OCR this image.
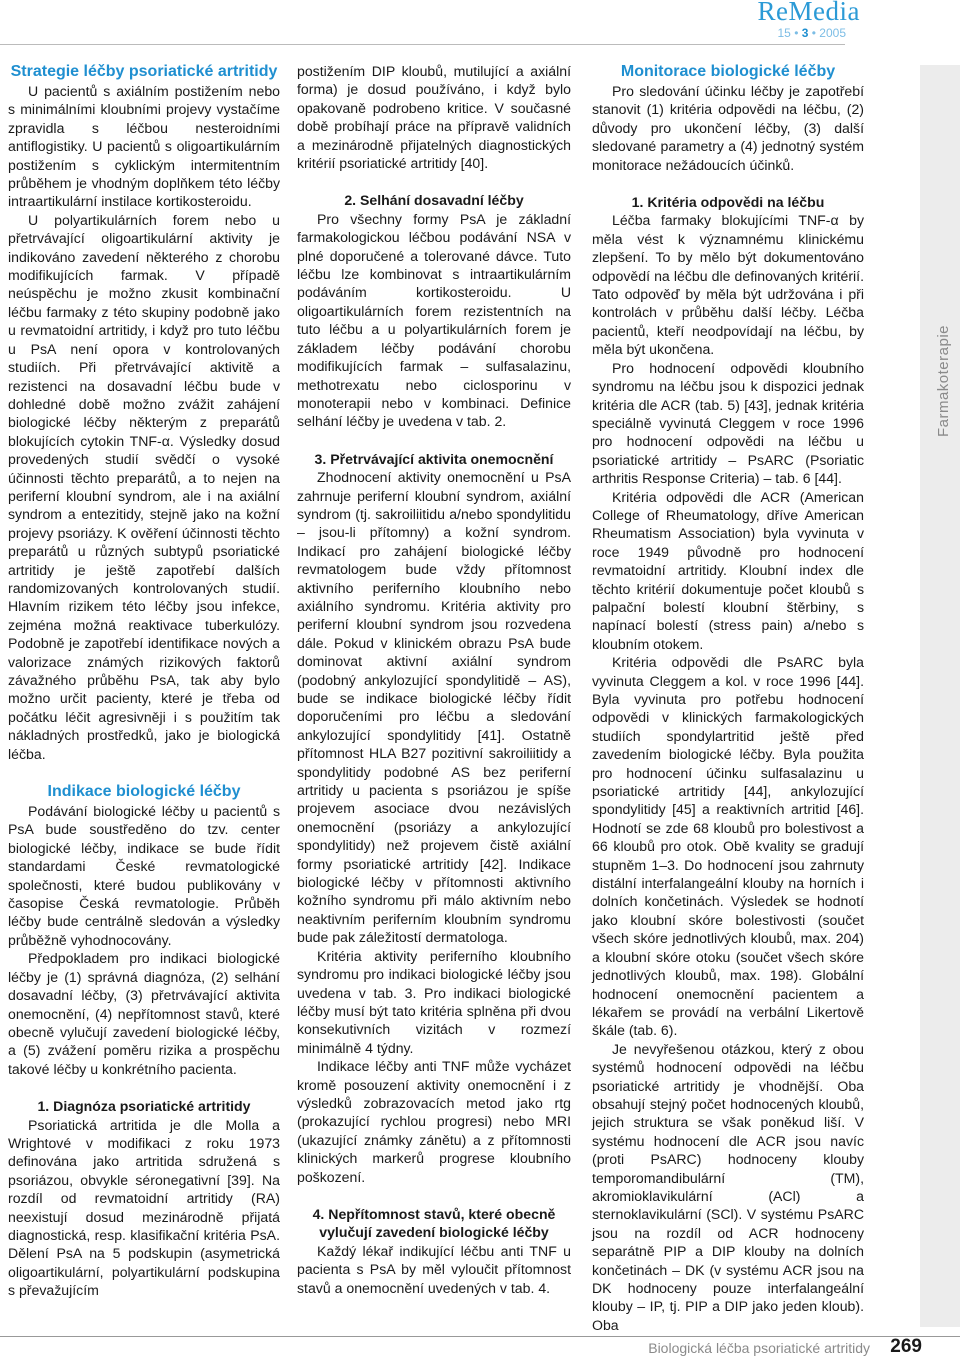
ReMedia
15 • 3 • 2005
Farmakoterapie
Strategie léčby psoriatické artritidy

U pacientů s axiálním postižením nebo s minimálními kloubními projevy vystačíme zpravidla s léčbou nesteroidními antiflogistiky. U pacientů s oligoartikulárním postižením s cyklickým intermitentním průběhem je vhodným doplňkem této léčby intraartikulární instilace kortikosteroidu.

U polyartikulárních forem nebo u přetrvávající oligoartikulární aktivity je indikováno zavedení některého z chorobu modifikujících farmak. V případě neúspěchu je možno zkusit kombinační léčbu farmaky z této skupiny podobně jako u revmatoidní artritidy, i když pro tuto léčbu u PsA není opora v kontrolovaných studiích. Při přetrvávající aktivitě a rezistenci na dosavadní léčbu bude v dohledné době možno zvážit zahájení biologické léčby některým z preparátů blokujících cytokin TNF-α. Výsledky dosud provedených studií svědčí o vysoké účinnosti těchto preparátů, a to nejen na periferní kloubní syndrom, ale i na axiální syndrom a entezitidy, stejně jako na kožní projevy psoriázy. K ověření účinnosti těchto preparátů u různých subtypů psoriatické artritidy je ještě zapotřebí dalších randomizovaných kontrolovaných studií. Hlavním rizikem této léčby jsou infekce, zejména možná reaktivace tuberkulózy. Podobně je zapotřebí identifikace nových a valorizace známých rizikových faktorů závažného průběhu PsA, tak aby bylo možno určit pacienty, které je třeba od počátku léčit agresivněji i s použitím tak nákladných prostředků, jako je biologická léčba.

Indikace biologické léčby

Podávání biologické léčby u pacientů s PsA bude soustředěno do tzv. center biologické léčby, indikace se bude řídit standardami České revmatologické společnosti, které budou publikovány v časopise Česká revmatologie. Průběh léčby bude centrálně sledován a výsledky průběžně vyhodnocovány.

Předpokladem pro indikaci biologické léčby je (1) správná diagnóza, (2) selhání dosavadní léčby, (3) přetrvávající aktivita onemocnění, (4) nepřítomnost stavů, které obecně vylučují zavedení biologické léčby, a (5) zvážení poměru rizika a prospěchu takové léčby u konkrétního pacienta.

1. Diagnóza psoriatické artritidy

Psoriatická artritida je dle Molla a Wrightové v modifikaci z roku 1973 definována jako artritida sdružená s psoriázou, obvykle séronegativní [39]. Na rozdíl od revmatoidní artritidy (RA) neexistují dosud mezinárodně přijatá diagnostická, resp. klasifikační kritéria PsA. Dělení PsA na 5 podskupin (asymetrická oligoartikulární, polyartikulární podskupina s převažujícím

postižením DIP kloubů, mutilující a axiální forma) je dosud používáno, i když bylo opakovaně podrobeno kritice. V současné době probíhají práce na přípravě validních a mezinárodně přijatelných diagnostických kritérií psoriatické artritidy [40].

2. Selhání dosavadní léčby

Pro všechny formy PsA je základní farmakologickou léčbou podávání NSA v plné doporučené a tolerované dávce. Tuto léčbu lze kombinovat s intraartikulárním podáváním kortikosteroidu. U oligoartikulárních forem rezistentních na tuto léčbu a u polyartikulárních forem je základem léčby podávání chorobu modifikujících farmak – sulfasalazinu, methotrexatu nebo ciclosporinu v monoterapii nebo v kombinaci. Definice selhání léčby je uvedena v tab. 2.

3. Přetrvávající aktivita onemocnění

Zhodnocení aktivity onemocnění u PsA zahrnuje periferní kloubní syndrom, axiální syndrom (tj. sakroiliitidu a/nebo spondylitidu – jsou-li přítomny) a kožní syndrom. Indikací pro zahájení biologické léčby revmatologem bude vždy přítomnost aktivního periferního kloubního nebo axiálního syndromu. Kritéria aktivity pro periferní kloubní syndrom jsou rozvedena dále. Pokud v klinickém obrazu PsA bude dominovat aktivní axiální syndrom (podobný ankylozující spondylitidě – AS), bude se indikace biologické léčby řídit doporučeními pro léčbu a sledování ankylozující spondylitidy [41]. Ostatně přítomnost HLA B27 pozitivní sakroiliitidy a spondylitidy podobné AS bez periferní artritidy u pacienta s psoriázou je spíše projevem asociace dvou nezávislých onemocnění (psoriázy a ankylozující spondylitidy) než projevem čistě axiální formy psoriatické artritidy [42]. Indikace biologické léčby v přítomnosti aktivního kožního syndromu při málo aktivním nebo neaktivním periferním kloubním syndromu bude pak záležitostí dermatologa.

Kritéria aktivity periferního kloubního syndromu pro indikaci biologické léčby jsou uvedena v tab. 3. Pro indikaci biologické léčby musí být tato kritéria splněna při dvou konsekutivních vizitách v rozmezí minimálně 4 týdny.

Indikace léčby anti TNF může vycházet kromě posouzení aktivity onemocnění i z výsledků zobrazovacích metod jako rtg (prokazující rychlou progresi) nebo MRI (ukazující známky zánětu) a z přítomnosti klinických markerů progrese kloubního poškození.

4. Nepřítomnost stavů, které obecně vylučují zavedení biologické léčby

Každý lékař indikující léčbu anti TNF u pacienta s PsA by měl vyloučit přítomnost stavů a onemocnění uvedených v tab. 4.

Monitorace biologické léčby

Pro sledování účinku léčby je zapotřebí stanovit (1) kritéria odpovědi na léčbu, (2) důvody pro ukončení léčby, (3) další sledované parametry a (4) jednotný systém monitorace nežádoucích účinků.

1. Kritéria odpovědi na léčbu

Léčba farmaky blokujícími TNF-α by měla vést k významnému klinickému zlepšení. To by mělo být dokumentováno odpovědí na léčbu dle definovaných kritérií. Tato odpověď by měla být udržována i při kontrolách v průběhu další léčby. Léčba pacientů, kteří neodpovídají na léčbu, by měla být ukončena.

Pro hodnocení odpovědi kloubního syndromu na léčbu jsou k dispozici jednak kritéria dle ACR (tab. 5) [43], jednak kritéria speciálně vyvinutá Cleggem v roce 1996 pro hodnocení odpovědi na léčbu u psoriatické artritidy – PsARC (Psoriatic arthritis Response Criteria) – tab. 6 [44].

Kritéria odpovědi dle ACR (American College of Rheumatology, dříve American Rheumatism Association) byla vyvinuta v roce 1949 původně pro hodnocení revmatoidní artritidy. Kloubní index dle těchto kritérií dokumentuje počet kloubů s palpační bolestí kloubní štěrbiny, s napínací bolestí (stress pain) a/nebo s kloubním otokem.

Kritéria odpovědi dle PsARC byla vyvinuta Cleggem a kol. v roce 1996 [44]. Byla vyvinuta pro potřebu hodnocení odpovědi v klinických farmakologických studiích spondylartritid ještě před zavedením biologické léčby. Byla použita pro hodnocení účinku sulfasalazinu u psoriatické artritidy [44], ankylozující spondylitidy [45] a reaktivních artritid [46]. Hodnotí se zde 68 kloubů pro bolestivost a 66 kloubů pro otok. Obě kvality se gradují stupněm 1–3. Do hodnocení jsou zahrnuty distální interfalangeální klouby na horních i dolních končetinách. Výsledek se hodnotí jako kloubní skóre bolestivosti (součet všech skóre jednotlivých kloubů, max. 204) a kloubní skóre otoku (součet všech skóre jednotlivých kloubů, max. 198). Globální hodnocení onemocnění pacientem a lékařem se provádí na verbální Likertově škále (tab. 6).

Je nevyřešenou otázkou, který z obou systémů hodnocení odpovědi na léčbu psoriatické artritidy je vhodnější. Oba obsahují stejný počet hodnocených kloubů, jejich struktura se však poněkud liší. V systému hodnocení dle ACR jsou navíc (proti PsARC) hodnoceny klouby temporomandibulární (TM), akromioklavikulární (ACl) a sternoklavikulární (SCl). V systému PsARC jsou na rozdíl od ACR hodnoceny separátně PIP a DIP klouby na dolních končetinách – DK (v systému ACR jsou na DK hodnoceny pouze interfalangeální klouby – IP, tj. PIP a DIP jako jeden kloub). Oba

Biologická léčba psoriatické artritidy 269
